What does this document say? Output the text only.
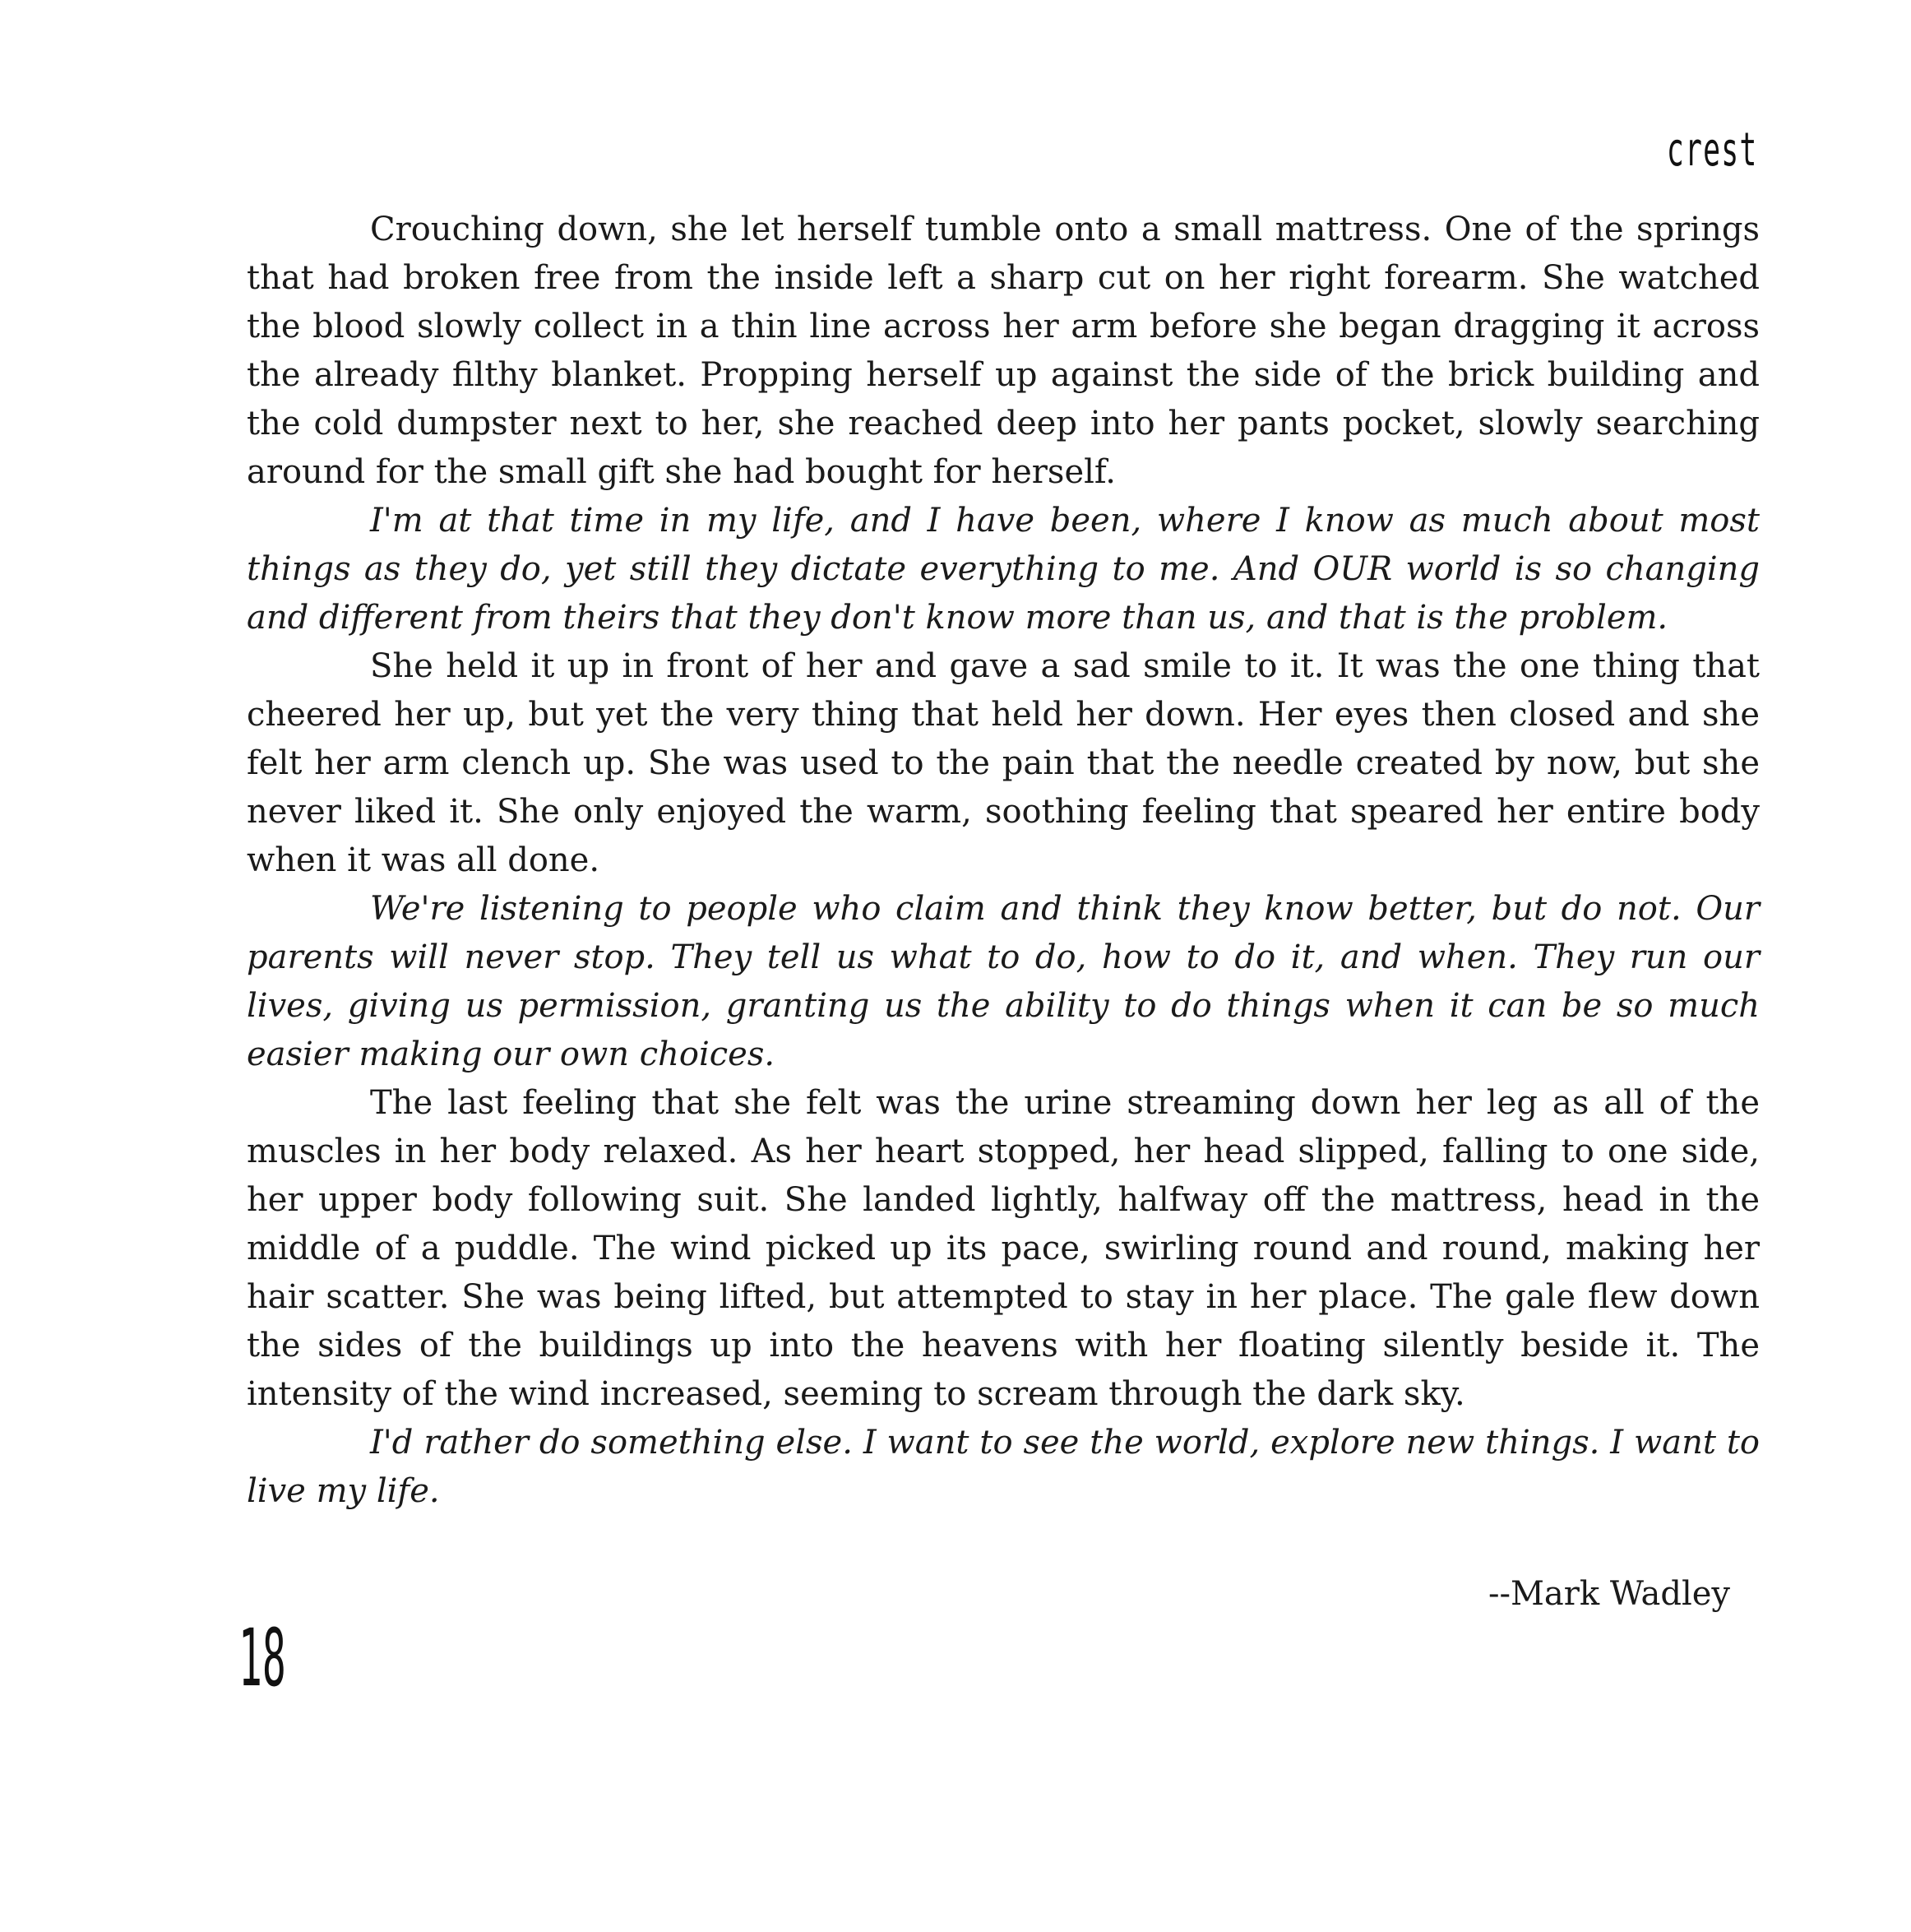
crest

Crouching down, she let herself tumble onto a small mattress. One of the springs that had broken free from the inside left a sharp cut on her right forearm. She watched the blood slowly collect in a thin line across her arm before she began dragging it across the already filthy blanket. Propping herself up against the side of the brick building and the cold dumpster next to her, she reached deep into her pants pocket, slowly searching around for the small gift she had bought for herself.

I'm at that time in my life, and I have been, where I know as much about most things as they do, yet still they dictate everything to me. And OUR world is so changing and different from theirs that they don't know more than us, and that is the problem.

She held it up in front of her and gave a sad smile to it. It was the one thing that cheered her up, but yet the very thing that held her down. Her eyes then closed and she felt her arm clench up. She was used to the pain that the needle created by now, but she never liked it. She only enjoyed the warm, soothing feeling that speared her entire body when it was all done.

We're listening to people who claim and think they know better, but do not. Our parents will never stop. They tell us what to do, how to do it, and when. They run our lives, giving us permission, granting us the ability to do things when it can be so much easier making our own choices.

The last feeling that she felt was the urine streaming down her leg as all of the muscles in her body relaxed. As her heart stopped, her head slipped, falling to one side, her upper body following suit. She landed lightly, halfway off the mattress, head in the middle of a puddle. The wind picked up its pace, swirling round and round, making her hair scatter. She was being lifted, but attempted to stay in her place. The gale flew down the sides of the buildings up into the heavens with her floating silently beside it. The intensity of the wind increased, seeming to scream through the dark sky.

I'd rather do something else. I want to see the world, explore new things. I want to live my life.

--Mark Wadley
18
